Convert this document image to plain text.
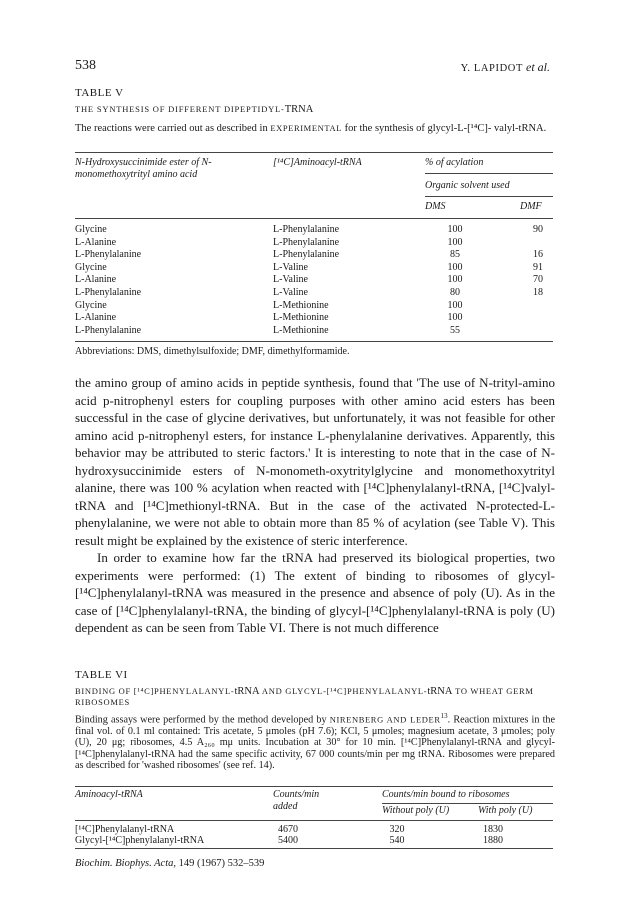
538	Y. LAPIDOT et al.
TABLE V
THE SYNTHESIS OF DIFFERENT DIPEPTIDYL-TRNA
The reactions were carried out as described in EXPERIMENTAL for the synthesis of glycyl-L-[¹⁴C]- valyl-tRNA.
N-Hydroxysuccinimide ester of N-monomethoxytrityl amino acid
[¹⁴C]Aminoacyl-tRNA	% of acylation
Organic solvent used
DMS	DMF
Glycine	L-Phenylalanine	100	90
L-Alanine	L-Phenylalanine	100
L-Phenylalanine	L-Phenylalanine	85	16
Glycine	L-Valine	100	91
L-Alanine	L-Valine	100	70
L-Phenylalanine	L-Valine	80	18
Glycine	L-Methionine	100
L-Alanine	L-Methionine	100
L-Phenylalanine	L-Methionine	55
Abbreviations: DMS, dimethylsulfoxide; DMF, dimethylformamide.

the amino group of amino acids in peptide synthesis, found that 'The use of N-trityl-amino acid p-nitrophenyl esters for coupling purposes with other amino acid esters has been successful in the case of glycine derivatives, but unfortunately, it was not feasible for other amino acid p-nitrophenyl esters, for instance L-phenylalanine derivatives. Apparently, this behavior may be attributed to steric factors.' It is interesting to note that in the case of N-hydroxysuccinimide esters of N-monometh-oxytritylglycine and monomethoxytrityl alanine, there was 100 % acylation when reacted with [¹⁴C]phenylalanyl-tRNA, [¹⁴C]valyl-tRNA and [¹⁴C]methionyl-tRNA. But in the case of the activated N-protected-L-phenylalanine, we were not able to obtain more than 85 % of acylation (see Table V). This result might be explained by the existence of steric interference.

In order to examine how far the tRNA had preserved its biological properties, two experiments were performed: (1) The extent of binding to ribosomes of glycyl-[¹⁴C]phenylalanyl-tRNA was measured in the presence and absence of poly (U). As in the case of [¹⁴C]phenylalanyl-tRNA, the binding of glycyl-[¹⁴C]phenylalanyl-tRNA is poly (U) dependent as can be seen from Table VI. There is not much difference

TABLE VI
BINDING OF [¹⁴C]PHENYLALANYL-tRNA AND GLYCYL-[¹⁴C]PHENYLALANYL-tRNA TO WHEAT GERM RIBOSOMES
Binding assays were performed by the method developed by NIRENBERG AND LEDER$^{13}$. Reaction mixtures in the final vol. of 0.1 ml contained: Tris acetate, 5 μmoles (pH 7.6); KCl, 5 μmoles; magnesium acetate, 3 μmoles; poly (U), 20 μg; ribosomes, 4.5 A₂₆₀ mμ units. Incubation at 30° for 10 min. [¹⁴C]Phenylalanyl-tRNA and glycyl-[¹⁴C]phenylalanyl-tRNA had the same specific activity, 67 000 counts/min per mg tRNA. Ribosomes were prepared as described for 'washed ribosomes' (see ref. 14).
Aminoacyl-tRNA	Counts/min added
Counts/min bound to ribosomes
Without poly (U)	With poly (U)
[¹⁴C]Phenylalanyl-tRNA	4670	320	1830
Glycyl-[¹⁴C]phenylalanyl-tRNA	5400	540	1880
Biochim. Biophys. Acta, 149 (1967) 532–539
